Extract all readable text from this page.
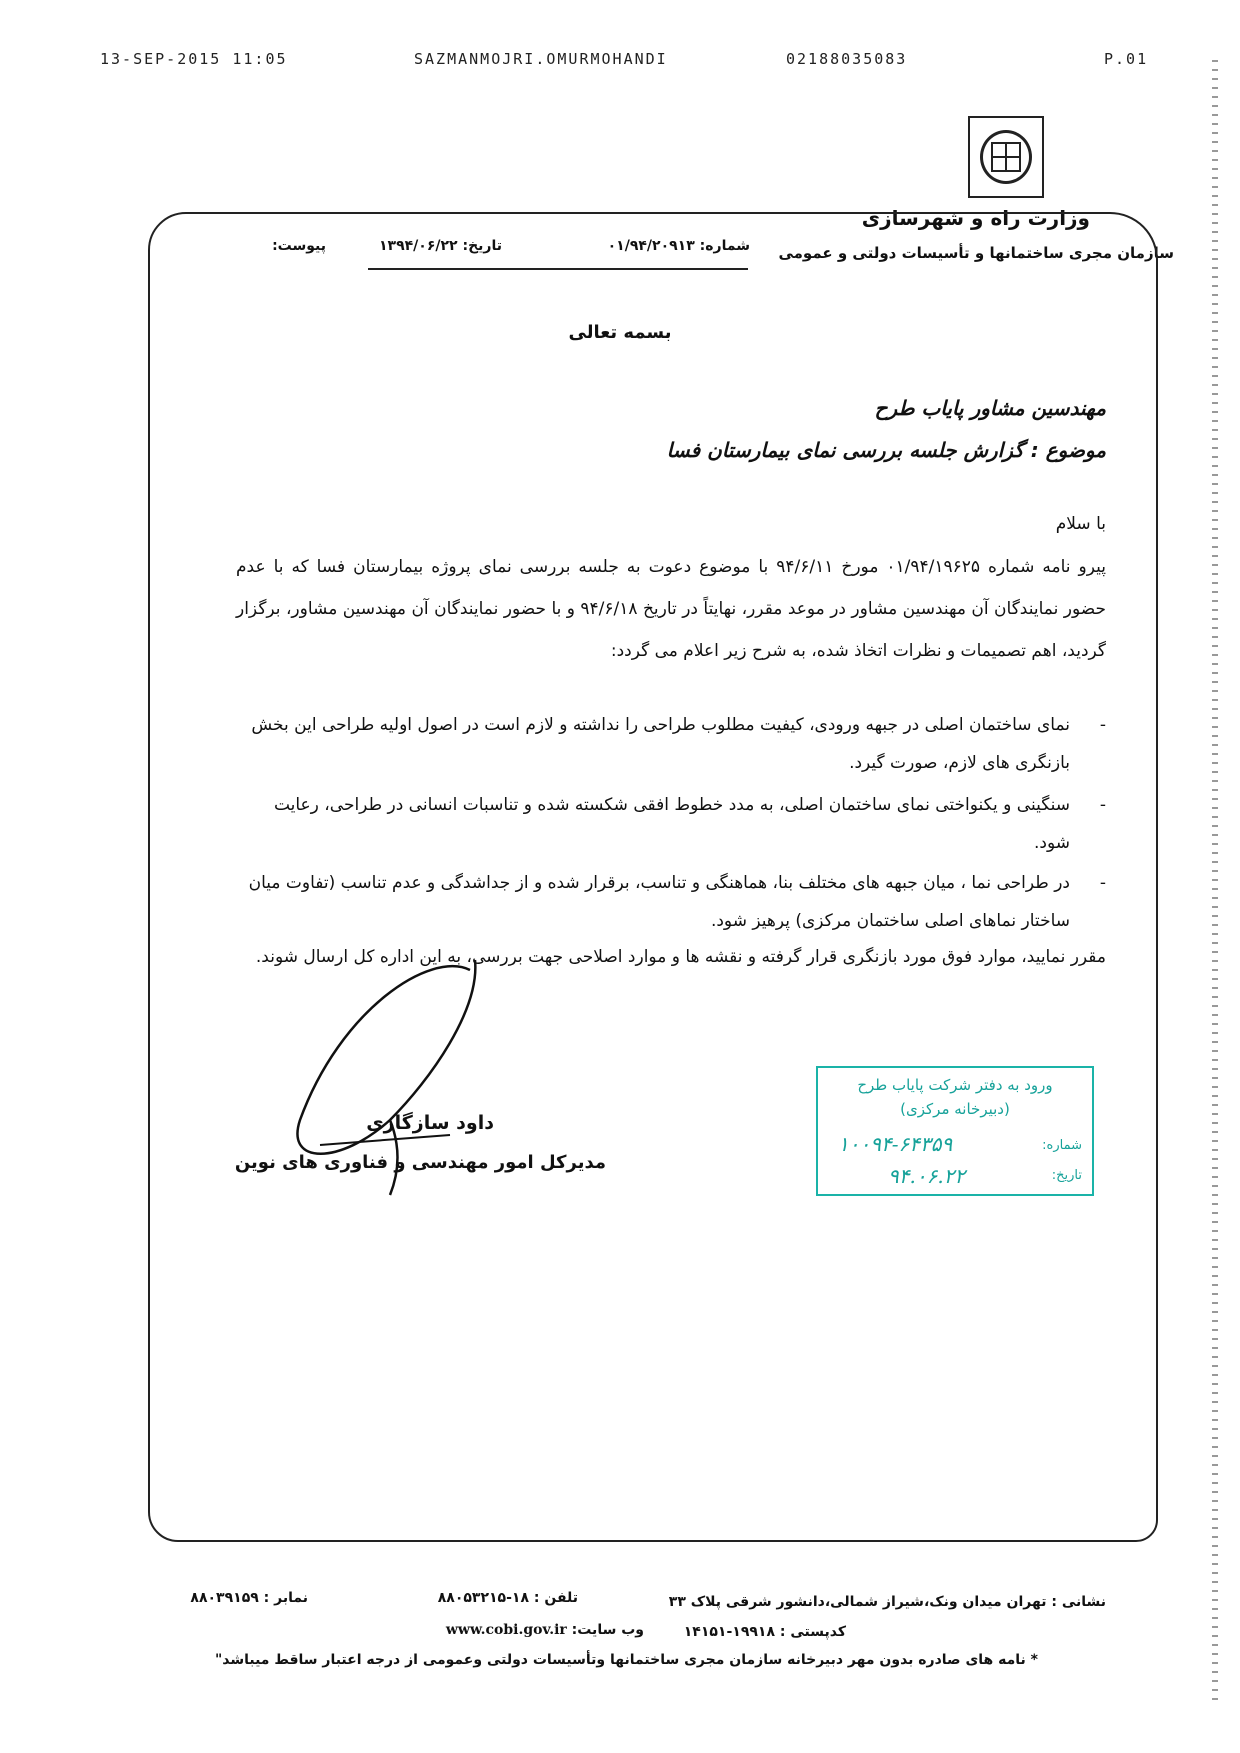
13-SEP-2015 11:05	SAZMANMOJRI.OMURMOHANDI	02188035083	P.01
وزارت راه و شهرسازی
سازمان مجری ساختمانها و تأسیسات دولتی و عمومی
شماره: ۰۱/۹۴/۲۰۹۱۳
تاریخ: ۱۳۹۴/۰۶/۲۲
پیوست:
بسمه تعالی
مهندسین مشاور پایاب طرح
موضوع : گزارش جلسه بررسی نمای بیمارستان فسا
با سلام
پیرو نامه شماره ۰۱/۹۴/۱۹۶۲۵ مورخ ۹۴/۶/۱۱ با موضوع دعوت به جلسه بررسی نمای پروژه بیمارستان فسا که با عدم حضور نمایندگان آن مهندسین مشاور در موعد مقرر، نهایتاً در تاریخ ۹۴/۶/۱۸ و با حضور نمایندگان آن مهندسین مشاور، برگزار گردید، اهم تصمیمات و نظرات اتخاذ شده، به شرح زیر اعلام می گردد:
-
نمای ساختمان اصلی در جبهه ورودی، کیفیت مطلوب طراحی را نداشته و لازم است در اصول اولیه طراحی این بخش بازنگری های لازم، صورت گیرد.
-
سنگینی و یکنواختی نمای ساختمان اصلی، به مدد خطوط افقی شکسته شده و تناسبات انسانی در طراحی، رعایت شود.
-
در طراحی نما ، میان جبهه های مختلف بنا، هماهنگی و تناسب، برقرار شده و از جداشدگی و عدم تناسب (تفاوت میان ساختار نماهای اصلی ساختمان مرکزی) پرهیز شود.
مقرر نمایید، موارد فوق مورد بازنگری قرار گرفته و نقشه ها و موارد اصلاحی جهت بررسی، به این اداره کل ارسال شوند.
داود سازگاری
مدیرکل امور مهندسی و فناوری های نوین
ورود به دفتر شرکت پایاب طرح
(دبیرخانه مرکزی)
شماره:
۱۰۰۹۴-۶۴۳۵۹
تاریخ:
۹۴.۰۶.۲۲
نشانی : تهران میدان ونک،شیراز شمالی،دانشور شرقی پلاک ۳۳
تلفن : ۱۸-۸۸۰۵۳۲۱۵
نمابر : ۸۸۰۳۹۱۵۹
کدپستی : ۱۹۹۱۸-۱۴۱۵۱
وب سایت: www.cobi.gov.ir
* نامه های صادره بدون مهر دبیرخانه سازمان مجری ساختمانها وتأسیسات دولتی وعمومی از درجه اعتبار ساقط میباشد"
